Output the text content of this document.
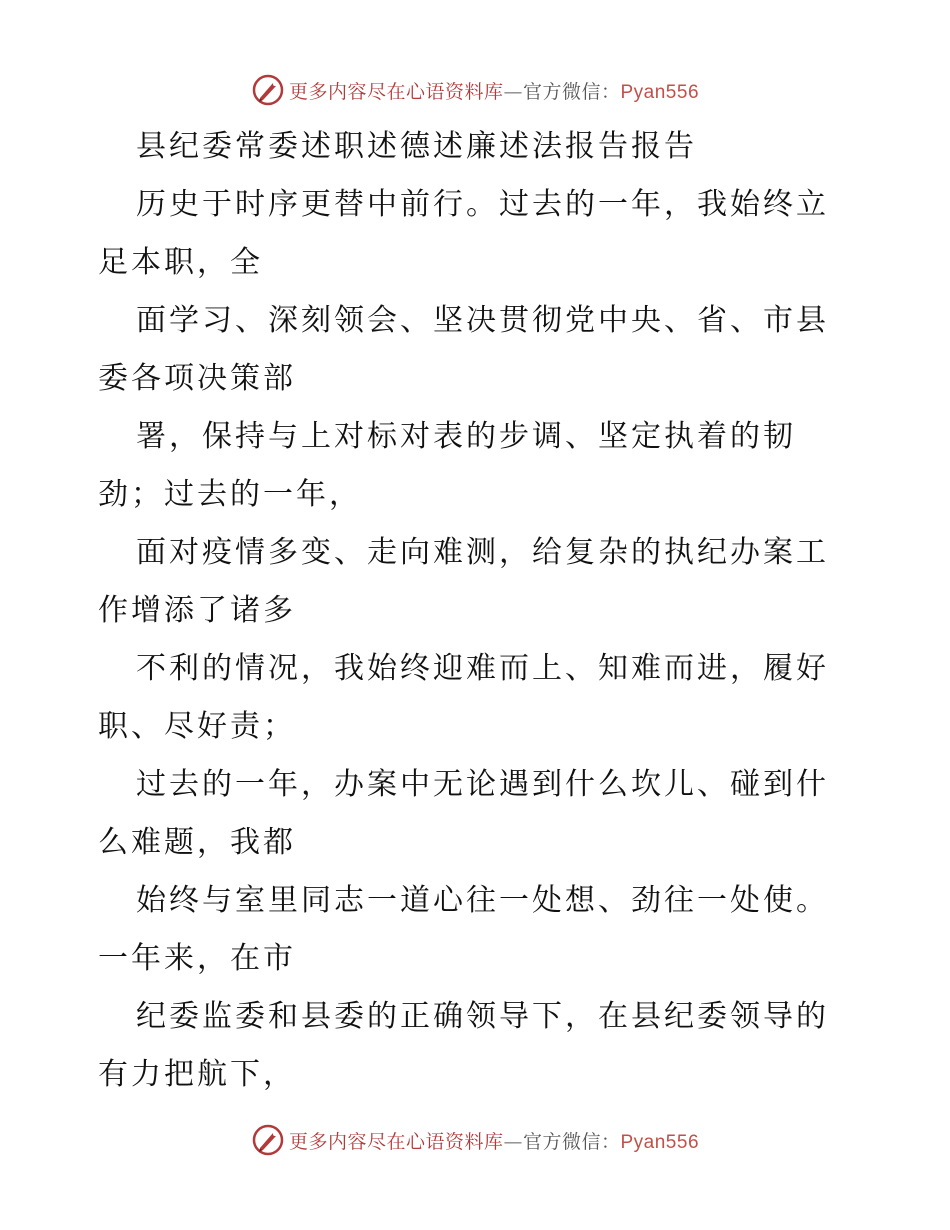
更多内容尽在心语资料库—官方微信：Pyan556
县纪委常委述职述德述廉述法报告报告
历史于时序更替中前行。过去的一年，我始终立
足本职，全
面学习、深刻领会、坚决贯彻党中央、省、市县
委各项决策部
署，保持与上对标对表的步调、坚定执着的韧
劲；过去的一年，
面对疫情多变、走向难测，给复杂的执纪办案工
作增添了诸多
不利的情况，我始终迎难而上、知难而进，履好
职、尽好责；
过去的一年，办案中无论遇到什么坎儿、碰到什
么难题，我都
始终与室里同志一道心往一处想、劲往一处使。
一年来，在市
纪委监委和县委的正确领导下，在县纪委领导的
有力把航下，
更多内容尽在心语资料库—官方微信：Pyan556
